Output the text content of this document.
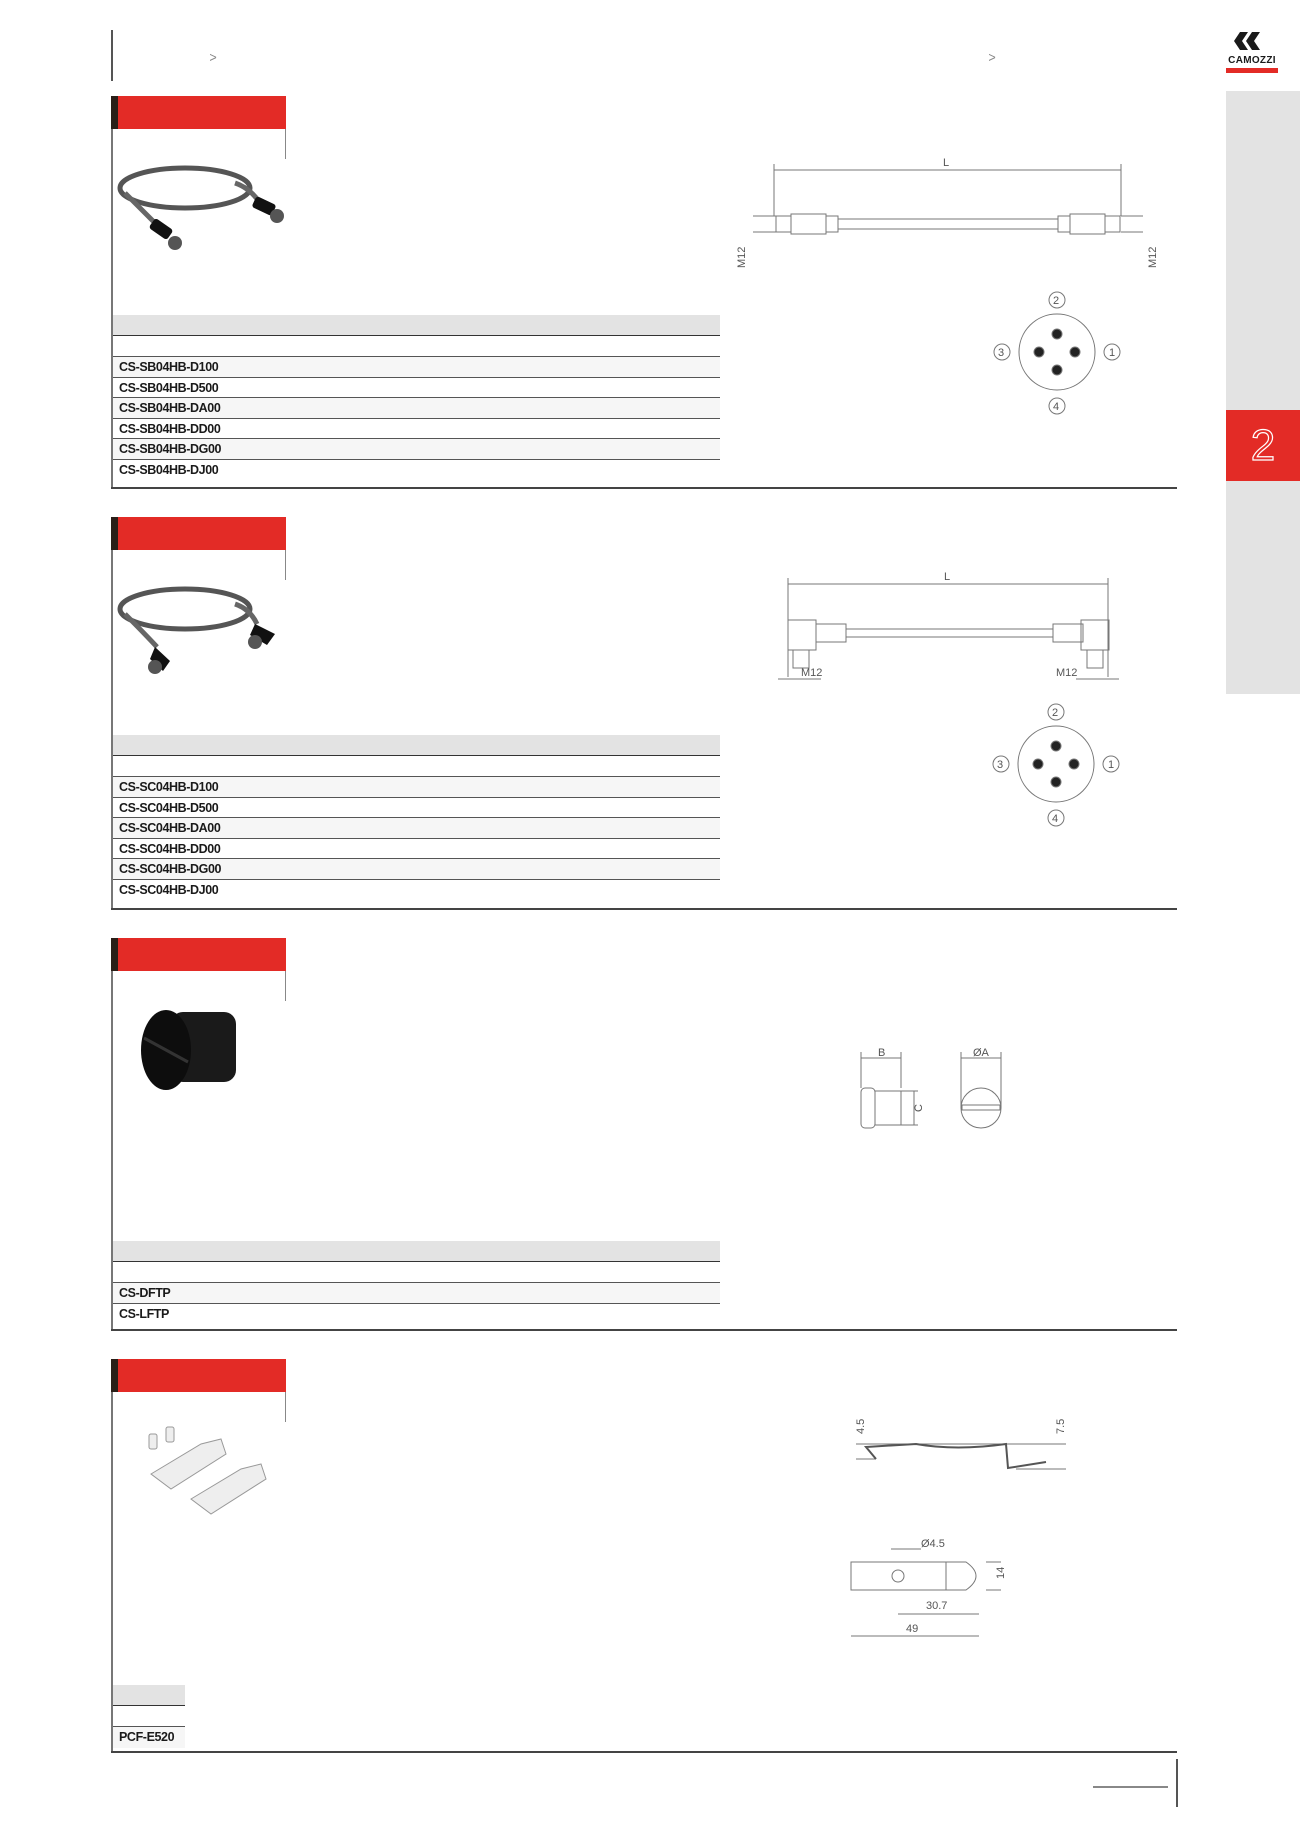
>	>	CAMOZZI
2
CS-SB04HB-D100
CS-SB04HB-D500
CS-SB04HB-DA00
CS-SB04HB-DD00
CS-SB04HB-DG00
CS-SB04HB-DJ00
L
M12	M12
2
3	1
4
CS-SC04HB-D100
CS-SC04HB-D500
CS-SC04HB-DA00
CS-SC04HB-DD00
CS-SC04HB-DG00
CS-SC04HB-DJ00
L
M12	M12
2
3	1
4
CS-DFTP
CS-LFTP
B
C
ØA
PCF-E520
4.5	7.5
Ø4.5
14
30.7
49
